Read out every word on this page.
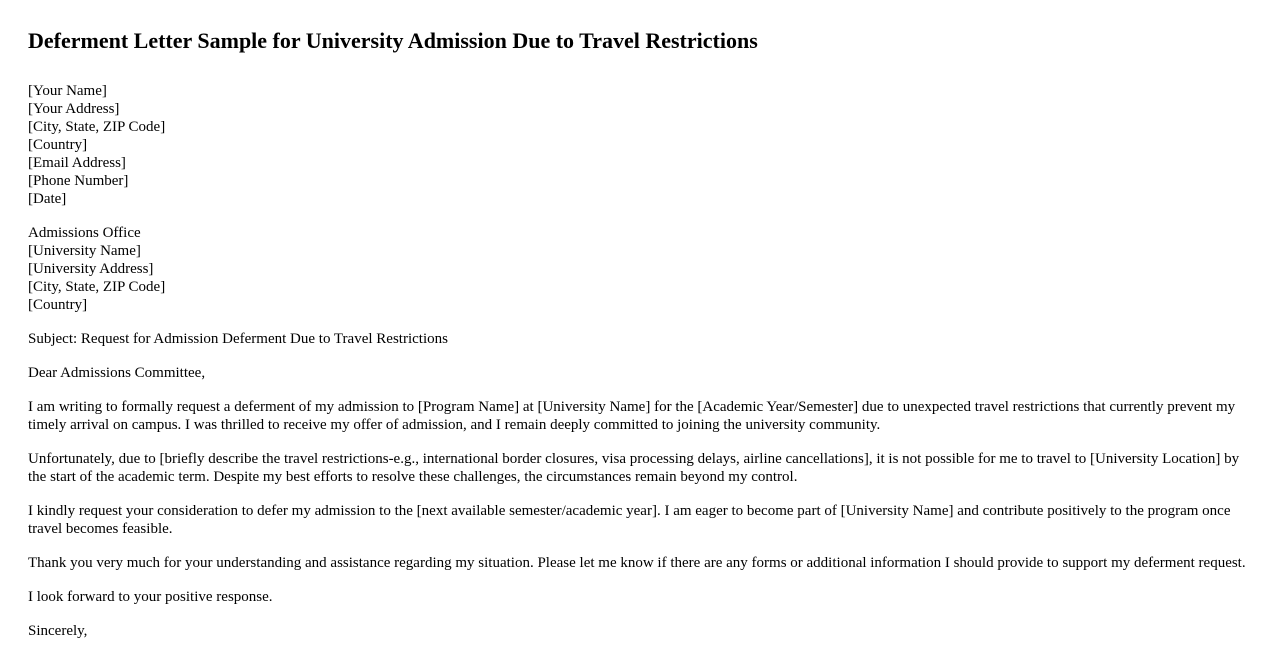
Deferment Letter Sample for University Admission Due to Travel Restrictions
[Your Name]
[Your Address]
[City, State, ZIP Code]
[Country]
[Email Address]
[Phone Number]
[Date]
Admissions Office
[University Name]
[University Address]
[City, State, ZIP Code]
[Country]

Subject: Request for Admission Deferment Due to Travel Restrictions

Dear Admissions Committee,

I am writing to formally request a deferment of my admission to [Program Name] at [University Name] for the [Academic Year/Semester] due to unexpected travel restrictions that currently prevent my timely arrival on campus. I was thrilled to receive my offer of admission, and I remain deeply committed to joining the university community.

Unfortunately, due to [briefly describe the travel restrictions-e.g., international border closures, visa processing delays, airline cancellations], it is not possible for me to travel to [University Location] by the start of the academic term. Despite my best efforts to resolve these challenges, the circumstances remain beyond my control.

I kindly request your consideration to defer my admission to the [next available semester/academic year]. I am eager to become part of [University Name] and contribute positively to the program once travel becomes feasible.

Thank you very much for your understanding and assistance regarding my situation. Please let me know if there are any forms or additional information I should provide to support my deferment request.

I look forward to your positive response.

Sincerely,
